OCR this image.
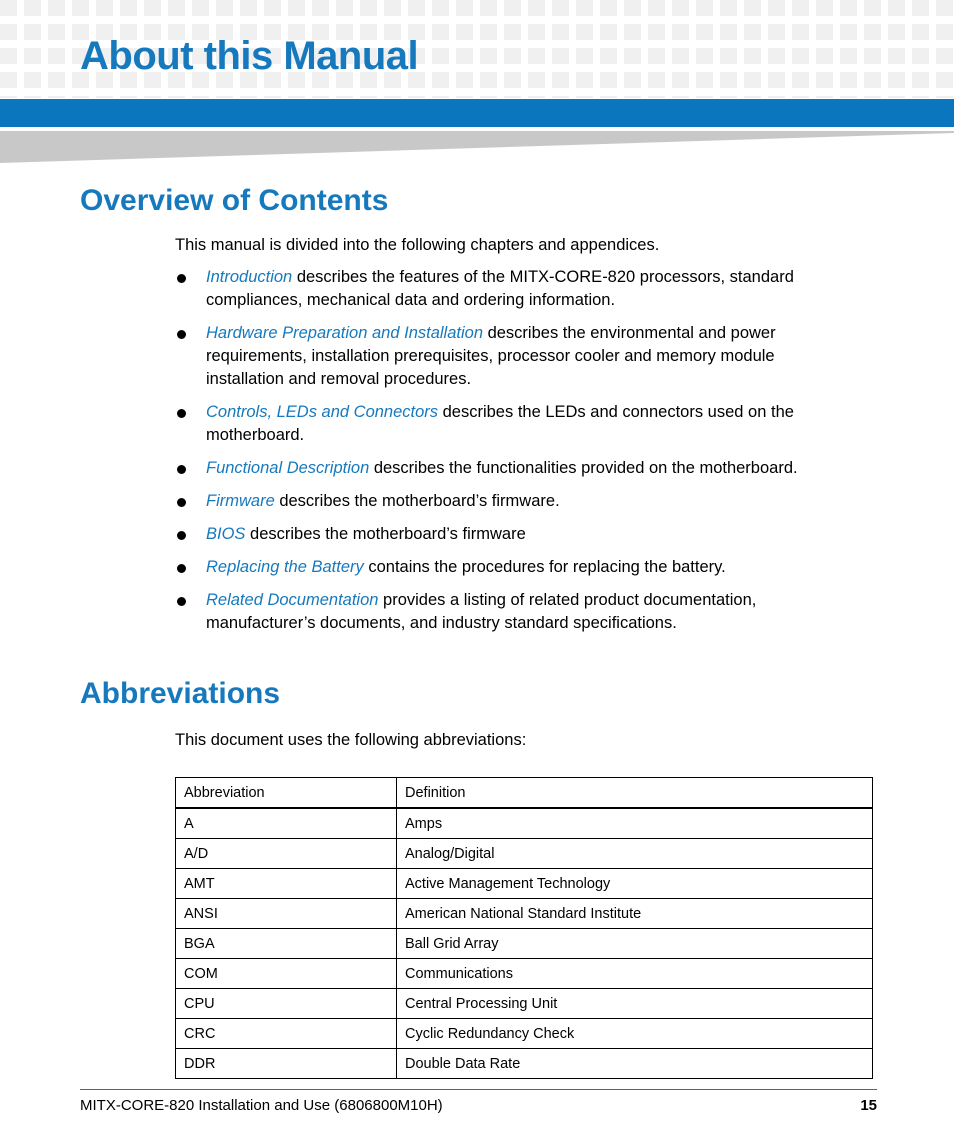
About this Manual
Overview of Contents

This manual is divided into the following chapters and appendices.

Introduction describes the features of the MITX-CORE-820 processors, standard compliances, mechanical data and ordering information.
Hardware Preparation and Installation describes the environmental and power requirements, installation prerequisites, processor cooler and memory module installation and removal procedures.
Controls, LEDs and Connectors describes the LEDs and connectors used on the motherboard.
Functional Description describes the functionalities provided on the motherboard.
Firmware describes the motherboard’s firmware.
BIOS describes the motherboard’s firmware
Replacing the Battery contains the procedures for replacing the battery.
Related Documentation provides a listing of related product documentation, manufacturer’s documents, and industry standard specifications.
Abbreviations

This document uses the following abbreviations:

Abbreviation	Definition
A	Amps
A/D	Analog/Digital
AMT	Active Management Technology
ANSI	American National Standard Institute
BGA	Ball Grid Array
COM	Communications
CPU	Central Processing Unit
CRC	Cyclic Redundancy Check
DDR	Double Data Rate
MITX-CORE-820 Installation and Use (6806800M10H)	15
